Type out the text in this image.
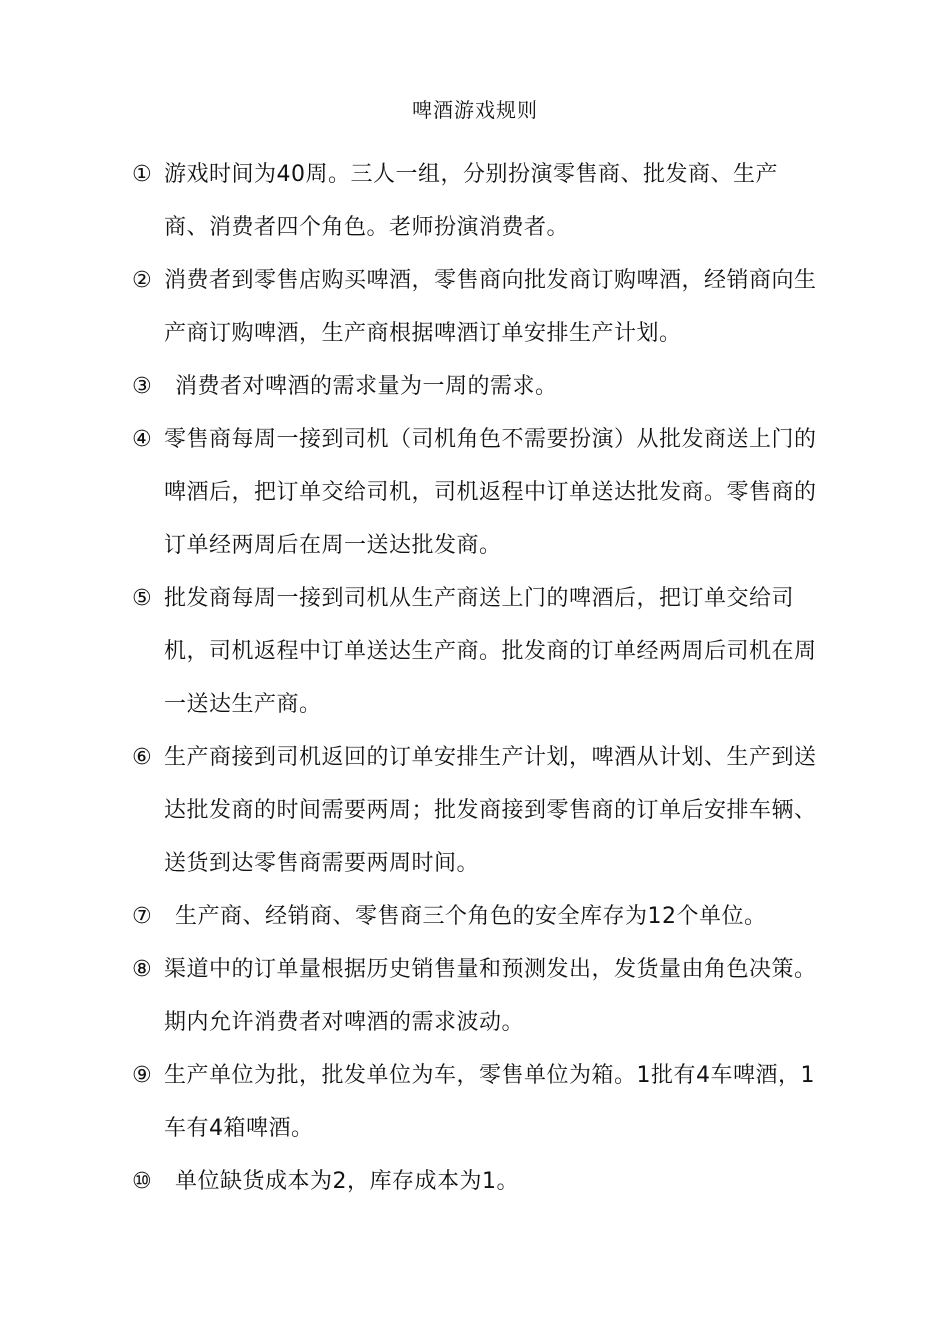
啤酒游戏规则
① 游戏时间为40周。三人一组，分别扮演零售商、批发商、生产商、消费者四个角色。老师扮演消费者。
② 消费者到零售店购买啤酒，零售商向批发商订购啤酒，经销商向生产商订购啤酒，生产商根据啤酒订单安排生产计划。
③	消费者对啤酒的需求量为一周的需求。
④ 零售商每周一接到司机（司机角色不需要扮演）从批发商送上门的啤酒后，把订单交给司机，司机返程中订单送达批发商。零售商的订单经两周后在周一送达批发商。
⑤ 批发商每周一接到司机从生产商送上门的啤酒后，把订单交给司机，司机返程中订单送达生产商。批发商的订单经两周后司机在周一送达生产商。
⑥ 生产商接到司机返回的订单安排生产计划，啤酒从计划、生产到送达批发商的时间需要两周；批发商接到零售商的订单后安排车辆、送货到达零售商需要两周时间。
⑦	生产商、经销商、零售商三个角色的安全库存为12个单位。
⑧ 渠道中的订单量根据历史销售量和预测发出，发货量由角色决策。期内允许消费者对啤酒的需求波动。
⑨ 生产单位为批，批发单位为车，零售单位为箱。1批有4车啤酒，1车有4箱啤酒。
⑩	单位缺货成本为2，库存成本为1。
